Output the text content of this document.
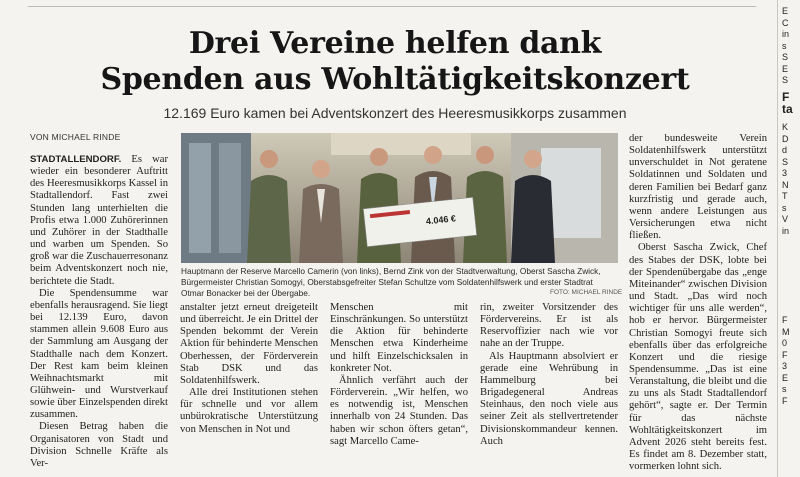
Drei Vereine helfen dank
Spenden aus Wohltätigkeitskonzert
12.169 Euro kamen bei Adventskonzert des Heeresmusikkorps zusammen
VON MICHAEL RINDE

STADTALLENDORF. Es war wieder ein besonderer Auftritt des Heeresmusikkorps Kassel in Stadtallendorf. Fast zwei Stunden lang unterhielten die Profis etwa 1.000 Zuhörerinnen und Zuhörer in der Stadthalle und warben um Spenden. So groß war die Zuschauerresonanz beim Adventskonzert noch nie, berichtete die Stadt.

Die Spendensumme war ebenfalls herausragend. Sie liegt bei 12.139 Euro, davon stammen allein 9.608 Euro aus der Sammlung am Ausgang der Stadthalle nach dem Konzert. Der Rest kam beim kleinen Weihnachtsmarkt mit Glühwein- und Wurstverkauf sowie über Einzelspenden direkt zusammen.

Diesen Betrag haben die Organisatoren von Stadt und Division Schnelle Kräfte als Ver-

4.046 €
Hauptmann der Reserve Marcello Camerin (von links), Bernd Zink von der Stadtverwaltung, Oberst Sascha Zwick, Bürgermeister Christian Somogyi, Oberstabsgefreiter Stefan Schultze vom Soldatenhilfswerk und erster Stadtrat Otmar Bonacker bei der Übergabe.	FOTO: MICHAEL RINDE

anstalter jetzt erneut dreigeteilt und überreicht. Je ein Drittel der Spenden bekommt der Verein Aktion für behinderte Menschen Oberhessen, der Förderverein Stab DSK und das Soldatenhilfswerk.

Alle drei Institutionen stehen für schnelle und vor allem unbürokratische Unterstützung von Menschen in Not und

Menschen mit Einschränkungen. So unterstützt die Aktion für behinderte Menschen etwa Kinderheime und hilft Einzelschicksalen in konkreter Not.

Ähnlich verfährt auch der Förderverein. „Wir helfen, wo es notwendig ist, Menschen innerhalb von 24 Stunden. Das haben wir schon öfters getan“, sagt Marcello Came-

rin, zweiter Vorsitzender des Fördervereins. Er ist als Reservoffizier nach wie vor nahe an der Truppe.

Als Hauptmann absolviert er gerade eine Wehrübung in Hammelburg bei Brigadegeneral Andreas Steinhaus, den noch viele aus seiner Zeit als stellvertretender Divisionskommandeur kennen. Auch

der bundesweite Verein Soldatenhilfswerk unterstützt unverschuldet in Not geratene Soldatinnen und Soldaten und deren Familien bei Bedarf ganz kurzfristig und gerade auch, wenn andere Leistungen aus Versicherungen etwa nicht fließen.

Oberst Sascha Zwick, Chef des Stabes der DSK, lobte bei der Spendenübergabe das „enge Miteinander“ zwischen Division und Stadt. „Das wird noch wichtiger für uns alle werden“, hob er hervor. Bürgermeister Christian Somogyi freute sich ebenfalls über das erfolgreiche Konzert und die riesige Spendensumme. „Das ist eine Veranstaltung, die bleibt und die zu uns als Stadt Stadtallendorf gehört“, sagte er. Der Termin für das nächste Wohltätigkeitskonzert im Advent 2026 steht bereits fest. Es findet am 8. Dezember statt, vormerken lohnt sich.

E
C
in
s
S
E
S
F
ta
K
D
d
S
3
N
T
s
V
in
F
M
0
F
3
E
s
F
